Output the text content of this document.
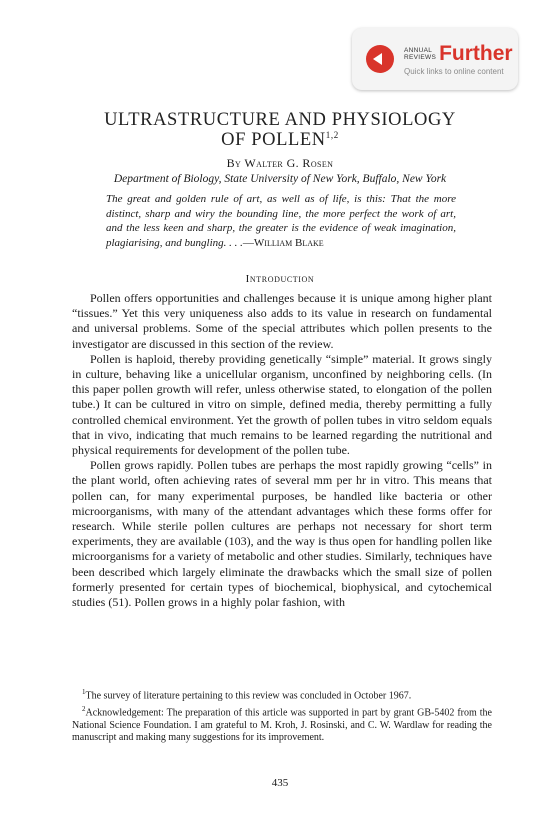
ANNUAL
REVIEWS Further
Quick links to online content
ULTRASTRUCTURE AND PHYSIOLOGY
OF POLLEN$^{1,2}$
By Walter G. Rosen
Department of Biology, State University of New York, Buffalo, New York
The great and golden rule of art, as well as of life, is this: That the more distinct, sharp and wiry the bounding line, the more perfect the work of art, and the less keen and sharp, the greater is the evidence of weak imagination, plagiarising, and bungling. . . .—William Blake
Introduction

Pollen offers opportunities and challenges because it is unique among higher plant “tissues.” Yet this very uniqueness also adds to its value in research on fundamental and universal problems. Some of the special attributes which pollen presents to the investigator are discussed in this section of the review.

Pollen is haploid, thereby providing genetically “simple” material. It grows singly in culture, behaving like a unicellular organism, unconfined by neighboring cells. (In this paper pollen growth will refer, unless otherwise stated, to elongation of the pollen tube.) It can be cultured in vitro on simple, defined media, thereby permitting a fully controlled chemical environment. Yet the growth of pollen tubes in vitro seldom equals that in vivo, indicating that much remains to be learned regarding the nutritional and physical requirements for development of the pollen tube.

Pollen grows rapidly. Pollen tubes are perhaps the most rapidly growing “cells” in the plant world, often achieving rates of several mm per hr in vitro. This means that pollen can, for many experimental purposes, be handled like bacteria or other microorganisms, with many of the attendant advantages which these forms offer for research. While sterile pollen cultures are perhaps not necessary for short term experiments, they are available (103), and the way is thus open for handling pollen like microorganisms for a variety of metabolic and other studies. Similarly, techniques have been described which largely eliminate the drawbacks which the small size of pollen formerly presented for certain types of biochemical, biophysical, and cytochemical studies (51). Pollen grows in a highly polar fashion, with

$^1$The survey of literature pertaining to this review was concluded in October 1967.

$^2$Acknowledgement: The preparation of this article was supported in part by grant GB-5402 from the National Science Foundation. I am grateful to M. Kroh, J. Rosinski, and C. W. Wardlaw for reading the manuscript and making many suggestions for its improvement.

435
